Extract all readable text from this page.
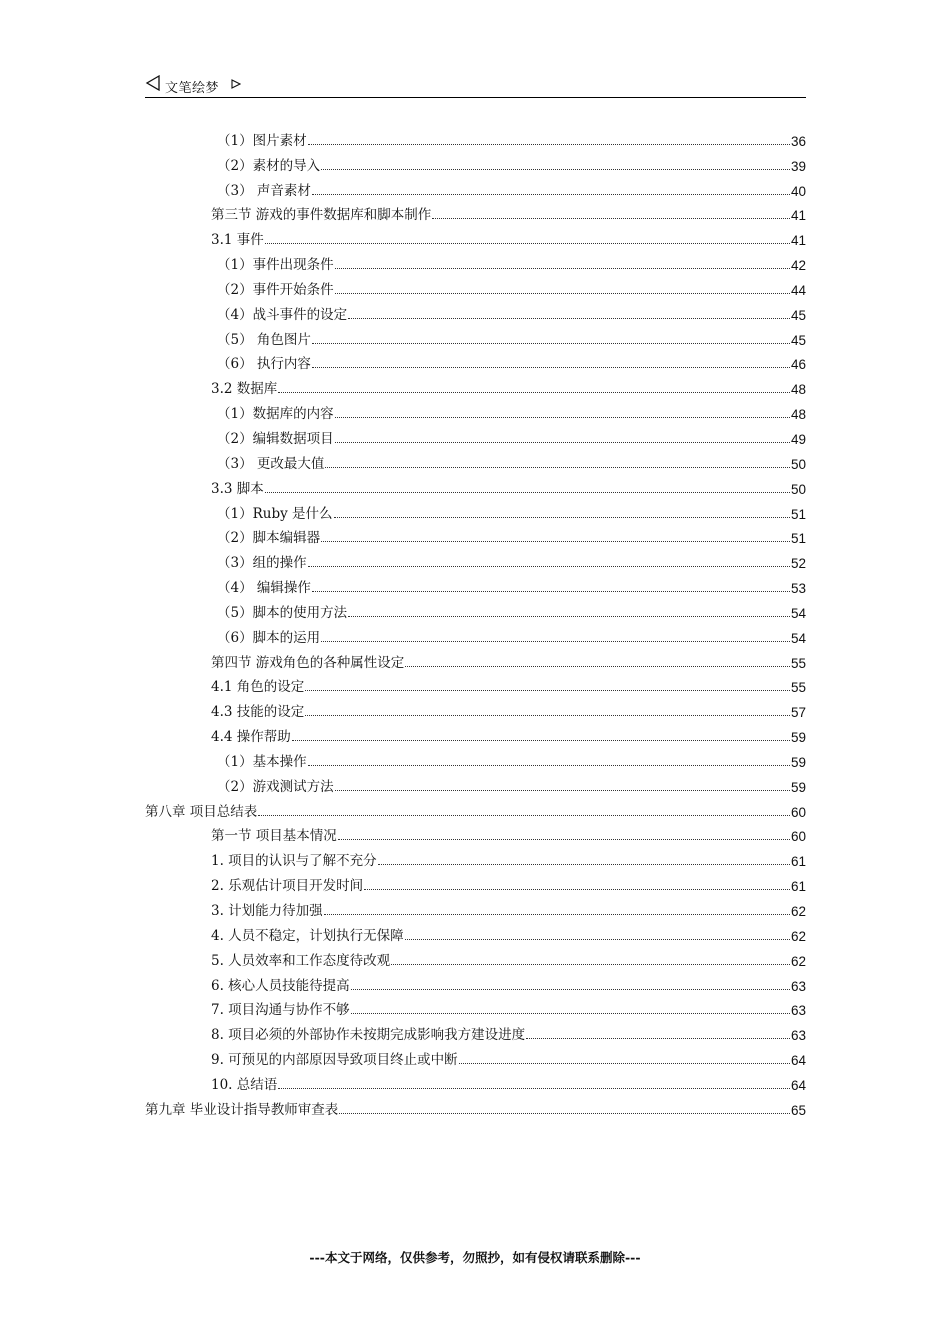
文笔绘梦
（1）图片素材	36
（2）素材的导入	39
（3） 声音素材	40
第三节 游戏的事件数据库和脚本制作	41
3.1 事件	41
（1）事件出现条件	42
（2）事件开始条件	44
（4）战斗事件的设定	45
（5） 角色图片	45
（6） 执行内容	46
3.2 数据库	48
（1）数据库的内容	48
（2）编辑数据项目	49
（3） 更改最大值	50
3.3 脚本	50
（1）Ruby 是什么	51
（2）脚本编辑器	51
（3）组的操作	52
（4） 编辑操作	53
（5）脚本的使用方法	54
（6）脚本的运用	54
第四节 游戏角色的各种属性设定	55
4.1 角色的设定	55
4.3 技能的设定	57
4.4 操作帮助	59
（1）基本操作	59
（2）游戏测试方法	59
第八章 项目总结表	60
第一节 项目基本情况	60
1. 项目的认识与了解不充分	61
2. 乐观估计项目开发时间	61
3. 计划能力待加强	62
4. 人员不稳定，计划执行无保障	62
5. 人员效率和工作态度待改观	62
6. 核心人员技能待提高	63
7. 项目沟通与协作不够	63
8. 项目必须的外部协作未按期完成影响我方建设进度	63
9. 可预见的内部原因导致项目终止或中断	64
10. 总结语	64
第九章 毕业设计指导教师审查表	65
---本文于网络，仅供参考，勿照抄，如有侵权请联系删除---
